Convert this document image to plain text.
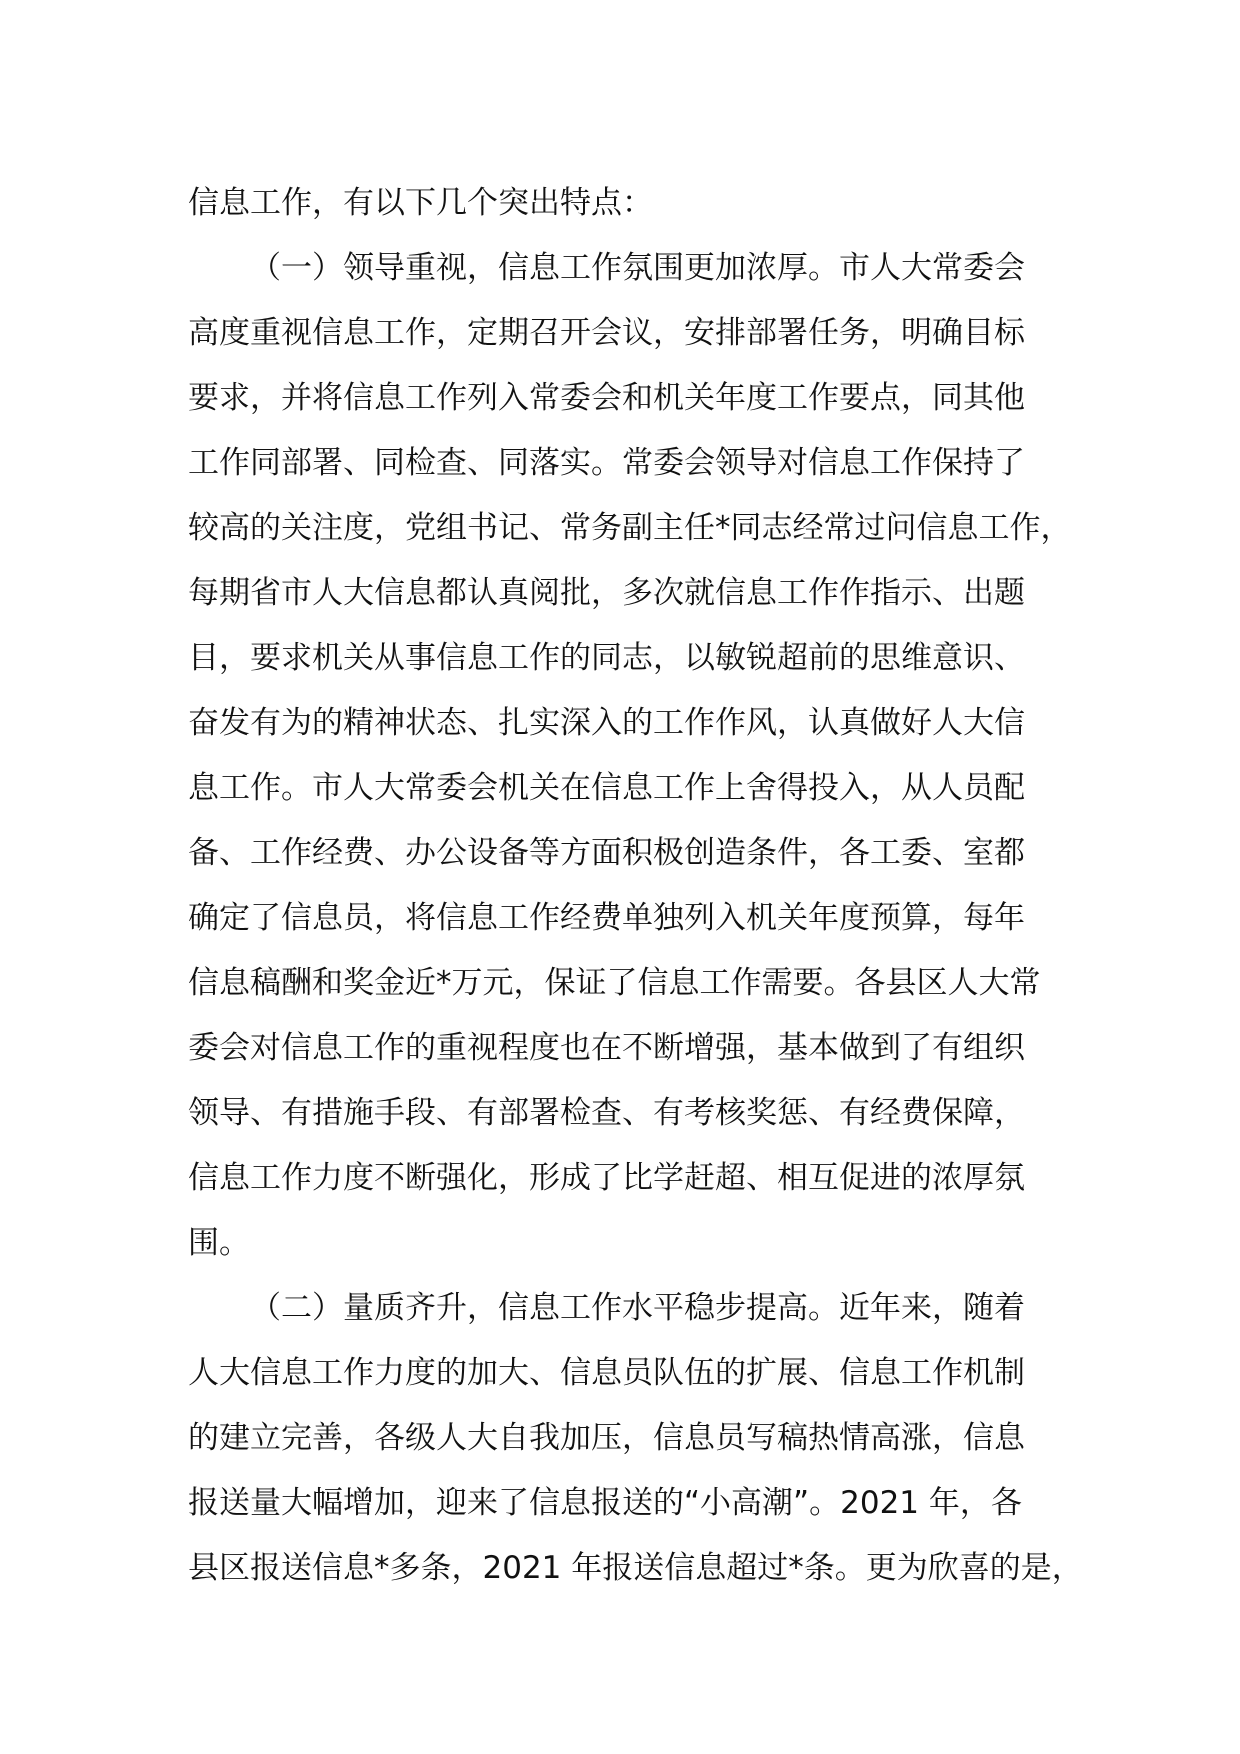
信息工作，有以下几个突出特点：
（一）领导重视，信息工作氛围更加浓厚。市人大常委会
高度重视信息工作，定期召开会议，安排部署任务，明确目标
要求，并将信息工作列入常委会和机关年度工作要点，同其他
工作同部署、同检查、同落实。常委会领导对信息工作保持了
较高的关注度，党组书记、常务副主任*同志经常过问信息工作，
每期省市人大信息都认真阅批，多次就信息工作作指示、出题
目，要求机关从事信息工作的同志，以敏锐超前的思维意识、
奋发有为的精神状态、扎实深入的工作作风，认真做好人大信
息工作。市人大常委会机关在信息工作上舍得投入，从人员配
备、工作经费、办公设备等方面积极创造条件，各工委、室都
确定了信息员，将信息工作经费单独列入机关年度预算，每年
信息稿酬和奖金近*万元，保证了信息工作需要。各县区人大常
委会对信息工作的重视程度也在不断增强，基本做到了有组织
领导、有措施手段、有部署检查、有考核奖惩、有经费保障，
信息工作力度不断强化，形成了比学赶超、相互促进的浓厚氛
围。
（二）量质齐升，信息工作水平稳步提高。近年来，随着
人大信息工作力度的加大、信息员队伍的扩展、信息工作机制
的建立完善，各级人大自我加压，信息员写稿热情高涨，信息
报送量大幅增加，迎来了信息报送的“小高潮”。2021 年，各
县区报送信息*多条，2021 年报送信息超过*条。更为欣喜的是，
